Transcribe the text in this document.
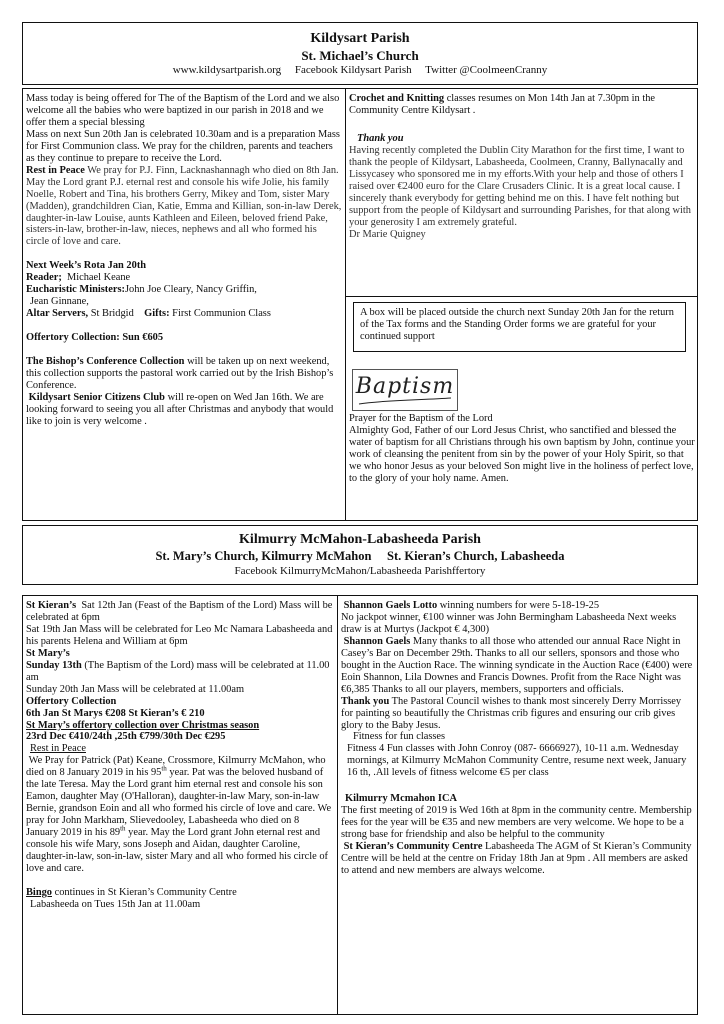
Kildysart Parish
St. Michael’s Church
www.kildysartparish.org     Facebook Kildysart Parish     Twitter @CoolmeenCranny

Mass today is being offered for The of the Baptism of the Lord and we also welcome all the babies who were baptized in our parish in 2018 and we offer them a special blessing

Mass on next Sun 20th Jan is celebrated 10.30am and is a preparation Mass for First Communion class. We pray for the children, parents and teachers as they continue to prepare to receive the Lord.

Rest in Peace We pray for P.J. Finn, Lacknashannagh who died on 8th Jan. May the Lord grant P.J. eternal rest and console his wife Jolie, his family Noelle, Robert and Tina, his brothers Gerry, Mikey and Tom, sister Mary (Madden), grandchildren Cian, Katie, Emma and Killian, son-in-law Derek, daughter-in-law Louise, aunts Kathleen and Eileen, beloved friend Pake, sisters-in-law, brother-in-law, nieces, nephews and all who formed his circle of love and care.

Next Week’s Rota Jan 20th

Reader; Michael Keane

Eucharistic Ministers:John Joe Cleary, Nancy Griffin,

Jean Ginnane,

Altar Servers, St Bridgid Gifts: First Communion Class

Offertory Collection: Sun €605

The Bishop’s Conference Collection will be taken up on next weekend, this collection supports the pastoral work carried out by the Irish Bishop’s Conference.

Kildysart Senior Citizens Club will re-open on Wed Jan 16th. We are looking forward to seeing you all after Christmas and anybody that would like to join is very welcome .

Crochet and Knitting classes resumes on Mon 14th Jan at 7.30pm in the Community Centre Kildysart .

Thank you

Having recently completed the Dublin City Marathon for the first time, I want to thank the people of Kildysart, Labasheeda, Coolmeen, Cranny, Ballynacally and Lissycasey who sponsored me in my efforts.With your help and those of others I raised over €2400 euro for the Clare Crusaders Clinic. It is a great local cause. I sincerely thank everybody for getting behind me on this. I have felt nothing but support from the people of Kildysart and surrounding Parishes, for that along with your generosity I am extremely grateful.

Dr Marie Quigney

A box will be placed outside the church next Sunday 20th Jan for the return of the Tax forms and the Standing Order forms we are grateful for your continued support
Baptism

Prayer for the Baptism of the Lord

Almighty God, Father of our Lord Jesus Christ, who sanctified and blessed the water of baptism for all Christians through his own baptism by John, continue your work of cleansing the penitent from sin by the power of your Holy Spirit, so that we who honor Jesus as your beloved Son might live in the holiness of perfect love, to the glory of your holy name. Amen.

Kilmurry McMahon-Labasheeda Parish
St. Mary’s Church, Kilmurry McMahon     St. Kieran’s Church, Labasheeda
Facebook KilmurryMcMahon/Labasheeda Parishffertory

St Kieran’s Sat 12th Jan (Feast of the Baptism of the Lord) Mass will be celebrated at 6pm

Sat 19th Jan Mass will be celebrated for Leo Mc Namara Labasheeda and his parents Helena and William at 6pm

St Mary’s

Sunday 13th (The Baptism of the Lord) mass will be celebrated at 11.00 am

Sunday 20th Jan Mass will be celebrated at 11.00am

Offertory Collection

6th Jan St Marys €208 St Kieran’s € 210

St Mary’s offertory collection over Christmas season

23rd Dec €410/24th ,25th €799/30th Dec €295

Rest in Peace

We Pray for Patrick (Pat) Keane, Crossmore, Kilmurry McMahon, who died on 8 January 2019 in his 95th year. Pat was the beloved husband of the late Teresa. May the Lord grant him eternal rest and console his son Eamon, daughter May (O'Halloran), daughter-in-law Mary, son-in-law Bernie, grandson Eoin and all who formed his circle of love and care. We pray for John Markham, Slievedooley, Labasheeda who died on 8 January 2019 in his 89th year. May the Lord grant John eternal rest and console his wife Mary, sons Joseph and Aidan, daughter Caroline, daughter-in-law, son-in-law, sister Mary and all who formed his circle of love and care.

Bingo continues in St Kieran’s Community Centre

Labasheeda on Tues 15th Jan at 11.00am

Shannon Gaels Lotto winning numbers for were 5-18-19-25

No jackpot winner, €100 winner was John Bermingham Labasheeda Next weeks draw is at Murtys (Jackpot € 4,300)

Shannon Gaels Many thanks to all those who attended our annual Race Night in Casey’s Bar on December 29th. Thanks to all our sellers, sponsors and those who bought in the Auction Race. The winning syndicate in the Auction Race (€400) were Eoin Shannon, Lila Downes and Francis Downes. Profit from the Race Night was €6,385 Thanks to all our players, members, supporters and officials.

Thank you The Pastoral Council wishes to thank most sincerely Derry Morrissey for painting so beautifully the Christmas crib figures and ensuring our crib gives glory to the Baby Jesus.

Fitness for fun classes

Fitness 4 Fun classes with John Conroy (087- 6666927), 10-11 a.m. Wednesday mornings, at Kilmurry McMahon Community Centre, resume next week, January 16 th, .All levels of fitness welcome €5 per class

Kilmurry Mcmahon ICA

The first meeting of 2019 is Wed 16th at 8pm in the community centre. Membership fees for the year will be €35 and new members are very welcome. We hope to be a strong base for friendship and also be helpful to the community

St Kieran’s Community Centre Labasheeda The AGM of St Kieran’s Community Centre will be held at the centre on Friday 18th Jan at 9pm . All members are asked to attend and new members are always welcome.
